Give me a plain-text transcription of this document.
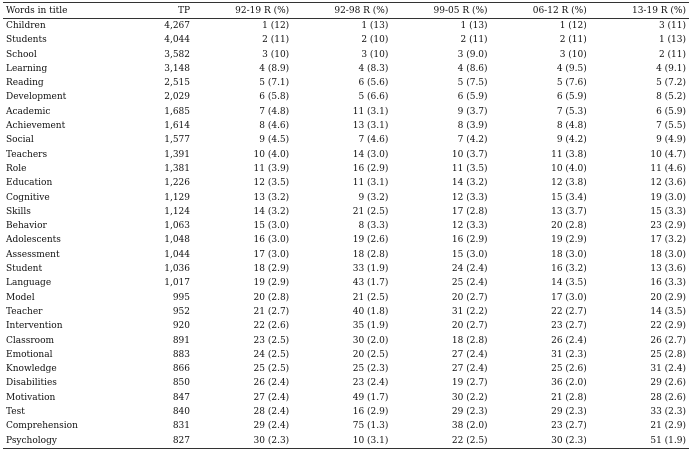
Words in title	TP	92-19 R (%)	92-98 R (%)	99-05 R (%)	06-12 R (%)	13-19 R (%)
Children	4,267	1 (12)	1 (13)	1 (13)	1 (12)	3 (11)
Students	4,044	2 (11)	2 (10)	2 (11)	2 (11)	1 (13)
School	3,582	3 (10)	3 (10)	3 (9.0)	3 (10)	2 (11)
Learning	3,148	4 (8.9)	4 (8.3)	4 (8.6)	4 (9.5)	4 (9.1)
Reading	2,515	5 (7.1)	6 (5.6)	5 (7.5)	5 (7.6)	5 (7.2)
Development	2,029	6 (5.8)	5 (6.6)	6 (5.9)	6 (5.9)	8 (5.2)
Academic	1,685	7 (4.8)	11 (3.1)	9 (3.7)	7 (5.3)	6 (5.9)
Achievement	1,614	8 (4.6)	13 (3.1)	8 (3.9)	8 (4.8)	7 (5.5)
Social	1,577	9 (4.5)	7 (4.6)	7 (4.2)	9 (4.2)	9 (4.9)
Teachers	1,391	10 (4.0)	14 (3.0)	10 (3.7)	11 (3.8)	10 (4.7)
Role	1,381	11 (3.9)	16 (2.9)	11 (3.5)	10 (4.0)	11 (4.6)
Education	1,226	12 (3.5)	11 (3.1)	14 (3.2)	12 (3.8)	12 (3.6)
Cognitive	1,129	13 (3.2)	9 (3.2)	12 (3.3)	15 (3.4)	19 (3.0)
Skills	1,124	14 (3.2)	21 (2.5)	17 (2.8)	13 (3.7)	15 (3.3)
Behavior	1,063	15 (3.0)	8 (3.3)	12 (3.3)	20 (2.8)	23 (2.9)
Adolescents	1,048	16 (3.0)	19 (2.6)	16 (2.9)	19 (2.9)	17 (3.2)
Assessment	1,044	17 (3.0)	18 (2.8)	15 (3.0)	18 (3.0)	18 (3.0)
Student	1,036	18 (2.9)	33 (1.9)	24 (2.4)	16 (3.2)	13 (3.6)
Language	1,017	19 (2.9)	43 (1.7)	25 (2.4)	14 (3.5)	16 (3.3)
Model	995	20 (2.8)	21 (2.5)	20 (2.7)	17 (3.0)	20 (2.9)
Teacher	952	21 (2.7)	40 (1.8)	31 (2.2)	22 (2.7)	14 (3.5)
Intervention	920	22 (2.6)	35 (1.9)	20 (2.7)	23 (2.7)	22 (2.9)
Classroom	891	23 (2.5)	30 (2.0)	18 (2.8)	26 (2.4)	26 (2.7)
Emotional	883	24 (2.5)	20 (2.5)	27 (2.4)	31 (2.3)	25 (2.8)
Knowledge	866	25 (2.5)	25 (2.3)	27 (2.4)	25 (2.6)	31 (2.4)
Disabilities	850	26 (2.4)	23 (2.4)	19 (2.7)	36 (2.0)	29 (2.6)
Motivation	847	27 (2.4)	49 (1.7)	30 (2.2)	21 (2.8)	28 (2.6)
Test	840	28 (2.4)	16 (2.9)	29 (2.3)	29 (2.3)	33 (2.3)
Comprehension	831	29 (2.4)	75 (1.3)	38 (2.0)	23 (2.7)	21 (2.9)
Psychology	827	30 (2.3)	10 (3.1)	22 (2.5)	30 (2.3)	51 (1.9)
